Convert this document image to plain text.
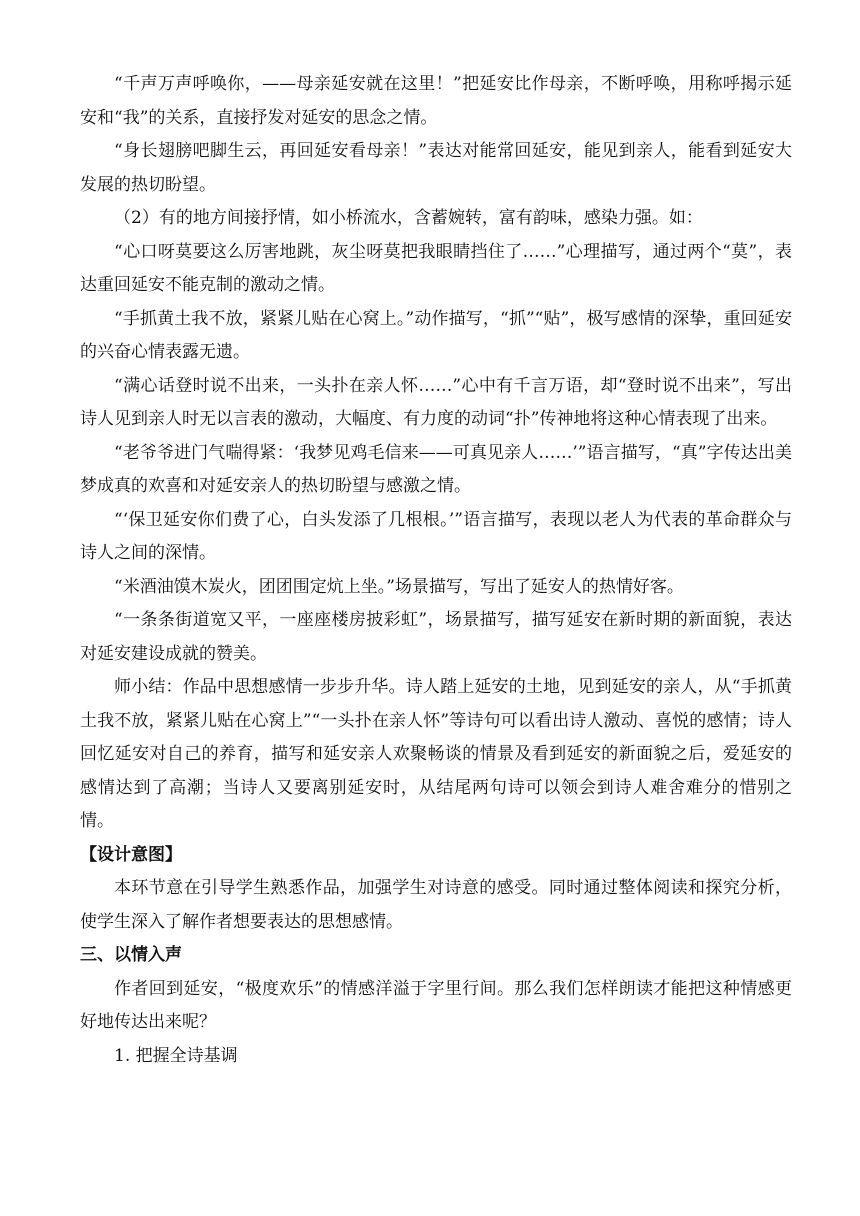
“千声万声呼唤你，——母亲延安就在这里！”把延安比作母亲，不断呼唤，用称呼揭示延安和“我”的关系，直接抒发对延安的思念之情。

“身长翅膀吧脚生云，再回延安看母亲！”表达对能常回延安，能见到亲人，能看到延安大发展的热切盼望。

（2）有的地方间接抒情，如小桥流水，含蓄婉转，富有韵味，感染力强。如：

“心口呀莫要这么厉害地跳，灰尘呀莫把我眼睛挡住了……”心理描写，通过两个“莫”，表达重回延安不能克制的激动之情。

“手抓黄土我不放，紧紧儿贴在心窝上。”动作描写，“抓”“贴”，极写感情的深挚，重回延安的兴奋心情表露无遗。

“满心话登时说不出来，一头扑在亲人怀……”心中有千言万语，却“登时说不出来”，写出诗人见到亲人时无以言表的激动，大幅度、有力度的动词“扑”传神地将这种心情表现了出来。

“老爷爷进门气喘得紧：‘我梦见鸡毛信来——可真见亲人……’”语言描写，“真”字传达出美梦成真的欢喜和对延安亲人的热切盼望与感激之情。

“‘保卫延安你们费了心，白头发添了几根根。’”语言描写，表现以老人为代表的革命群众与诗人之间的深情。

“米酒油馍木炭火，团团围定炕上坐。”场景描写，写出了延安人的热情好客。

“一条条街道宽又平，一座座楼房披彩虹”，场景描写，描写延安在新时期的新面貌，表达对延安建设成就的赞美。

师小结：作品中思想感情一步步升华。诗人踏上延安的土地，见到延安的亲人，从“手抓黄土我不放，紧紧儿贴在心窝上”“一头扑在亲人怀”等诗句可以看出诗人激动、喜悦的感情；诗人回忆延安对自己的养育，描写和延安亲人欢聚畅谈的情景及看到延安的新面貌之后，爱延安的感情达到了高潮；当诗人又要离别延安时，从结尾两句诗可以领会到诗人难舍难分的惜别之情。

【设计意图】

本环节意在引导学生熟悉作品，加强学生对诗意的感受。同时通过整体阅读和探究分析，使学生深入了解作者想要表达的思想感情。

三、以情入声

作者回到延安，“极度欢乐”的情感洋溢于字里行间。那么我们怎样朗读才能把这种情感更好地传达出来呢？

1. 把握全诗基调
